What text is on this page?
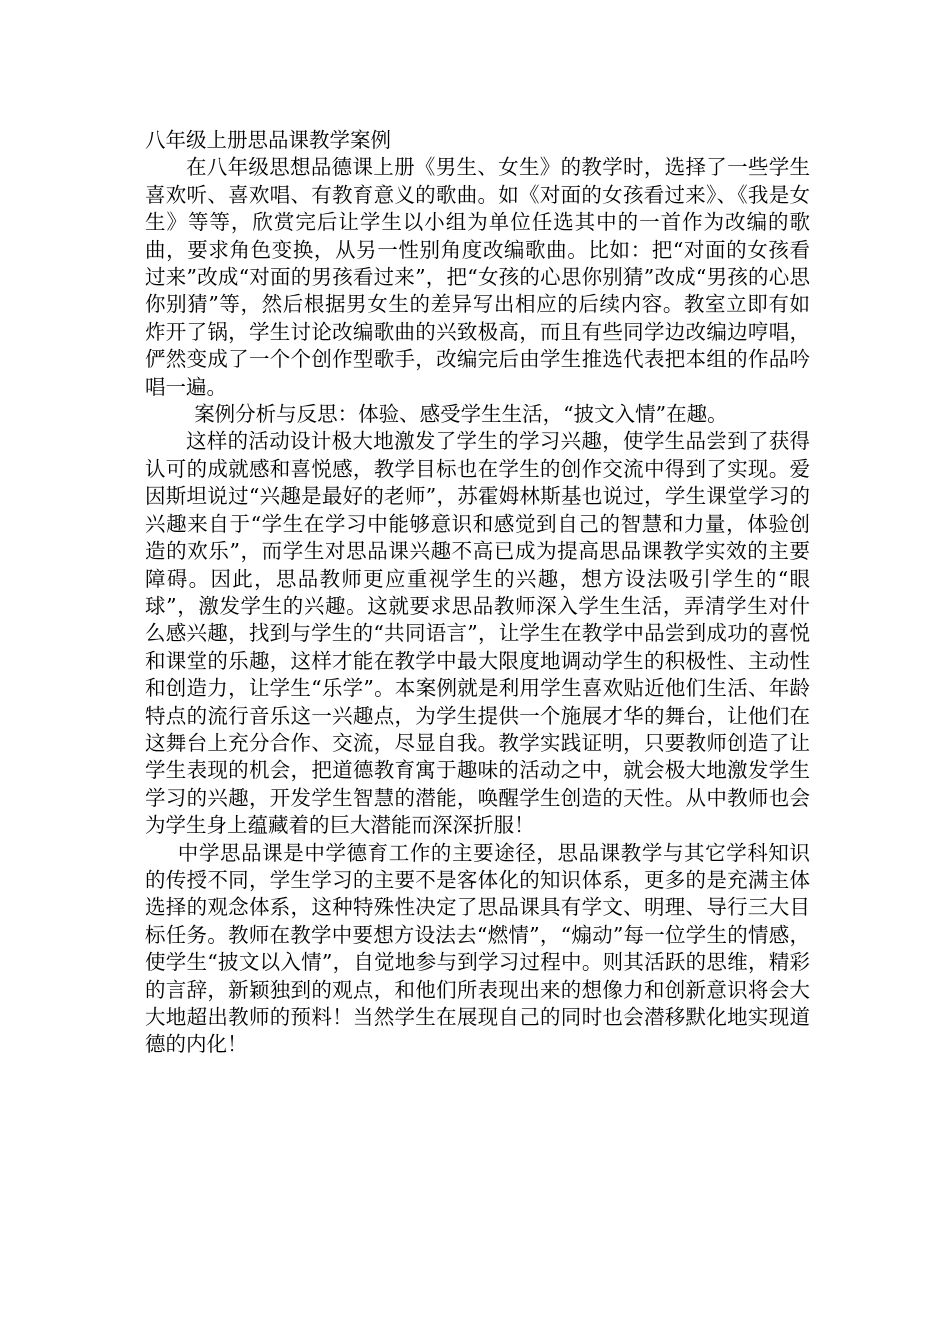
八年级上册思品课教学案例

在八年级思想品德课上册《男生、女生》的教学时，选择了一些学生喜欢听、喜欢唱、有教育意义的歌曲。如《对面的女孩看过来》、《我是女生》等等，欣赏完后让学生以小组为单位任选其中的一首作为改编的歌曲，要求角色变换，从另一性别角度改编歌曲。比如：把“对面的女孩看过来”改成“对面的男孩看过来”，把“女孩的心思你别猜”改成“男孩的心思你别猜”等，然后根据男女生的差异写出相应的后续内容。教室立即有如炸开了锅，学生讨论改编歌曲的兴致极高，而且有些同学边改编边哼唱，俨然变成了一个个创作型歌手，改编完后由学生推选代表把本组的作品吟唱一遍。

案例分析与反思：体验、感受学生生活，“披文入情”在趣。

这样的活动设计极大地激发了学生的学习兴趣，使学生品尝到了获得认可的成就感和喜悦感，教学目标也在学生的创作交流中得到了实现。爱因斯坦说过“兴趣是最好的老师”，苏霍姆林斯基也说过，学生课堂学习的兴趣来自于“学生在学习中能够意识和感觉到自己的智慧和力量，体验创造的欢乐”，而学生对思品课兴趣不高已成为提高思品课教学实效的主要障碍。因此，思品教师更应重视学生的兴趣，想方设法吸引学生的“眼球”，激发学生的兴趣。这就要求思品教师深入学生生活，弄清学生对什么感兴趣，找到与学生的“共同语言”，让学生在教学中品尝到成功的喜悦和课堂的乐趣，这样才能在教学中最大限度地调动学生的积极性、主动性和创造力，让学生“乐学”。本案例就是利用学生喜欢贴近他们生活、年龄特点的流行音乐这一兴趣点，为学生提供一个施展才华的舞台，让他们在这舞台上充分合作、交流，尽显自我。教学实践证明，只要教师创造了让学生表现的机会，把道德教育寓于趣味的活动之中，就会极大地激发学生学习的兴趣，开发学生智慧的潜能，唤醒学生创造的天性。从中教师也会为学生身上蕴藏着的巨大潜能而深深折服！

中学思品课是中学德育工作的主要途径，思品课教学与其它学科知识的传授不同，学生学习的主要不是客体化的知识体系，更多的是充满主体选择的观念体系，这种特殊性决定了思品课具有学文、明理、导行三大目标任务。教师在教学中要想方设法去“燃情”，“煽动”每一位学生的情感，使学生“披文以入情”，自觉地参与到学习过程中。则其活跃的思维，精彩的言辞，新颖独到的观点，和他们所表现出来的想像力和创新意识将会大大地超出教师的预料！当然学生在展现自己的同时也会潜移默化地实现道德的内化！
